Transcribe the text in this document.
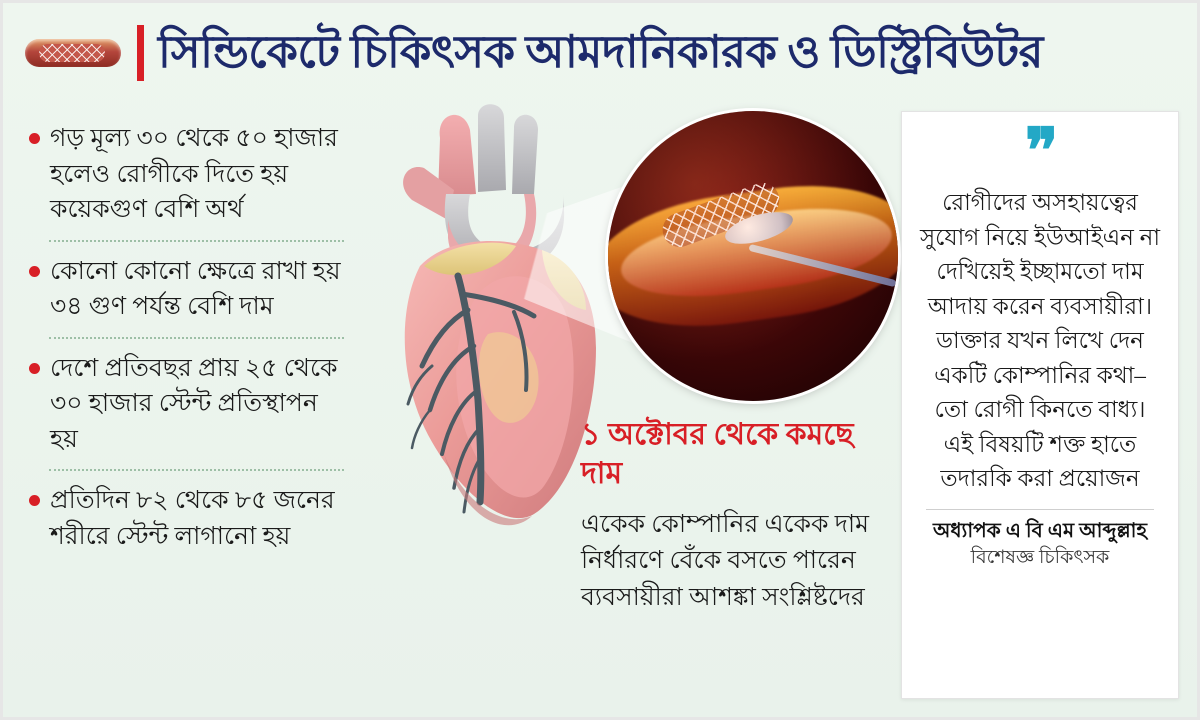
সিন্ডিকেটে চিকিৎসক আমদানিকারক ও ডিস্ট্রিবিউটর
গড় মূল্য ৩০ থেকে ৫০ হাজার হলেও রোগীকে দিতে হয় কয়েকগুণ বেশি অর্থ
কোনো কোনো ক্ষেত্রে রাখা হয় ৩৪ গুণ পর্যন্ত বেশি দাম
দেশে প্রতিবছর প্রায় ২৫ থেকে ৩০ হাজার স্টেন্ট প্রতিস্থাপন হয়
প্রতিদিন ৮২ থেকে ৮৫ জনের শরীরে স্টেন্ট লাগানো হয়
১ অক্টোবর থেকে কমছে দাম
একেক কোম্পানির একেক দাম নির্ধারণে বেঁকে বসতে পারেন ব্যবসায়ীরা আশঙ্কা সংশ্লিষ্টদের
❞
রোগীদের অসহায়ত্বের সুযোগ নিয়ে ইউআইএন না দেখিয়েই ইচ্ছামতো দাম আদায় করেন ব্যবসায়ীরা। ডাক্তার যখন লিখে দেন একটি কোম্পানির কথা– তো রোগী কিনতে বাধ্য। এই বিষয়টি শক্ত হাতে তদারকি করা প্রয়োজন
অধ্যাপক এ বি এম আব্দুল্লাহ
বিশেষজ্ঞ চিকিৎসক
